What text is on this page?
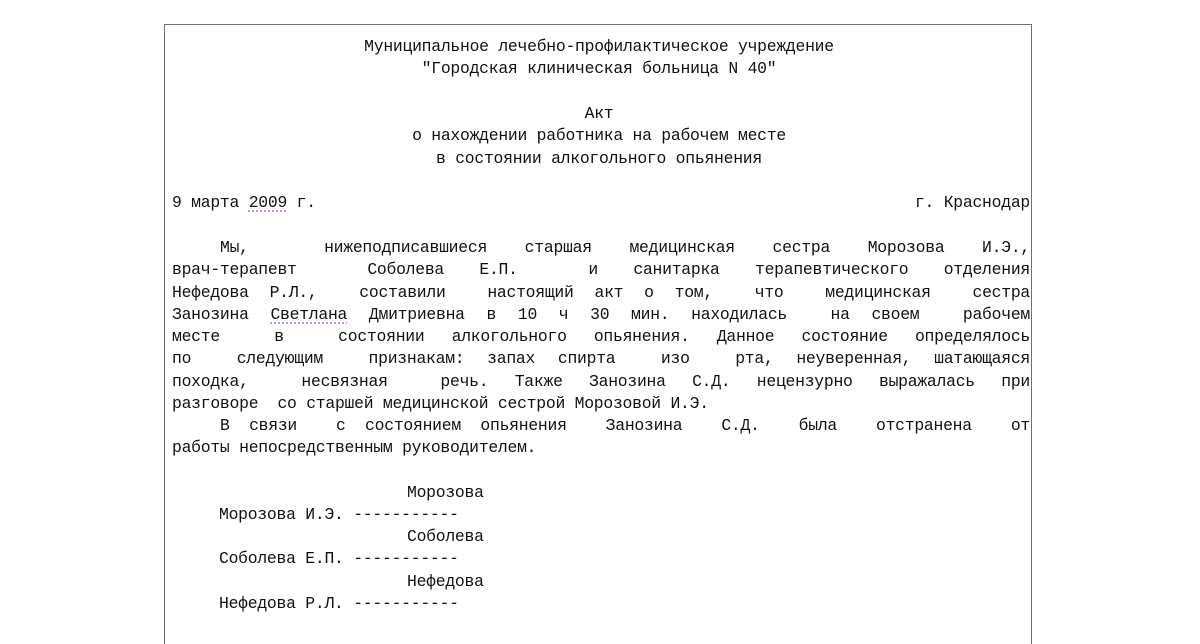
Муниципальное лечебно-профилактическое учреждение
"Городская клиническая больница N 40"
Акт
о нахождении работника на рабочем месте
в состоянии алкогольного опьянения
9 марта 2009 г.	г. Краснодар
Мы,  нижеподписавшиеся старшая медицинская сестра Морозова И.Э.,
врач-терапевт  Соболева Е.П.  и санитарка терапевтического отделения
Нефедова Р.Л.,  составили  настоящий акт о том,  что  медицинская  сестра
Занозина Светлана Дмитриевна в 10 ч 30 мин. находилась  на своем  рабочем
месте  в  состоянии алкогольного опьянения. Данное состояние определялось
по  следующим  признакам: запах спирта  изо  рта, неуверенная, шатающаяся
походка,  несвязная  речь. Также Занозина С.Д. нецензурно выражалась при
разговоре  со старшей медицинской сестрой Морозовой И.Э.
В связи  с состоянием опьянения  Занозина  С.Д.  была  отстранена  от
работы непосредственным руководителем.
Морозова
Морозова И.Э. -----------
Соболева
Соболева Е.П. -----------
Нефедова
Нефедова Р.Л. -----------
